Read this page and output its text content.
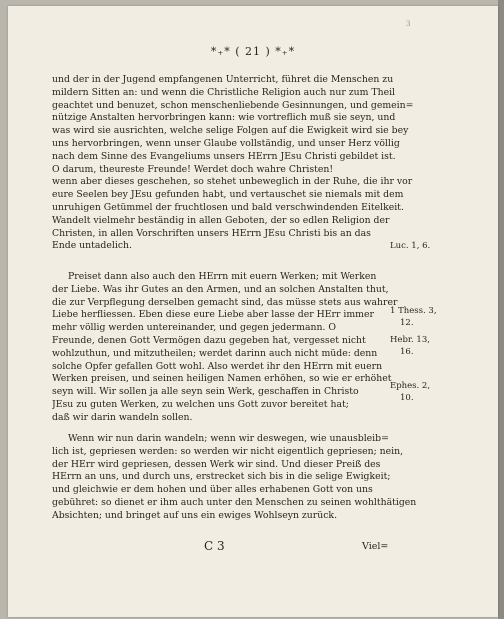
3
*₊* ( 21 ) *₊*
und der in der Jugend empfangenen Unterricht, führet die Menschen zu
mildern Sitten an: und wenn die Christliche Religion auch nur zum Theil
geachtet und benuzet, schon menschenliebende Gesinnungen, und gemein=
nützige Anstalten hervorbringen kann: wie vortreflich muß sie seyn, und
was wird sie ausrichten, welche selige Folgen auf die Ewigkeit wird sie bey
uns hervorbringen, wenn unser Glaube vollständig, und unser Herz völlig
nach dem Sinne des Evangeliums unsers HErrn JEsu Christi gebildet ist.
O darum, theureste Freunde! Werdet doch wahre Christen!
wenn aber dieses geschehen, so stehet unbeweglich in der Ruhe, die ihr vor
eure Seelen bey JEsu gefunden habt, und vertauschet sie niemals mit dem
unruhigen Getümmel der fruchtlosen und bald verschwindenden Eitelkeit.
Wandelt vielmehr beständig in allen Geboten, der so edlen Religion der
Christen, in allen Vorschriften unsers HErrn JEsu Christi bis an das
Ende untadelich.
Preiset dann also auch den HErrn mit euern Werken; mit Werken
der Liebe. Was ihr Gutes an den Armen, und an solchen Anstalten thut,
die zur Verpflegung derselben gemacht sind, das müsse stets aus wahrer
Liebe herfliessen. Eben diese eure Liebe aber lasse der HErr immer
mehr völlig werden untereinander, und gegen jedermann. O
Freunde, denen Gott Vermögen dazu gegeben hat, vergesset nicht
wohlzuthun, und mitzutheilen; werdet darinn auch nicht müde: denn
solche Opfer gefallen Gott wohl. Also werdet ihr den HErrn mit euern
Werken preisen, und seinen heiligen Namen erhöhen, so wie er erhöhet
seyn will. Wir sollen ja alle seyn sein Werk, geschaffen in Christo
JEsu zu guten Werken, zu welchen uns Gott zuvor bereitet hat;
daß wir darin wandeln sollen.
Wenn wir nun darin wandeln; wenn wir deswegen, wie unausbleib=
lich ist, gepriesen werden: so werden wir nicht eigentlich gepriesen; nein,
der HErr wird gepriesen, dessen Werk wir sind. Und dieser Preiß des
HErrn an uns, und durch uns, erstrecket sich bis in die selige Ewigkeit;
und gleichwie er dem hohen und über alles erhabenen Gott von uns
gebühret: so dienet er ihm auch unter den Menschen zu seinen wohlthätigen
Absichten; und bringet auf uns ein ewiges Wohlseyn zurück.
Luc. 1, 6.
1 Thess. 3,
12.
Hebr. 13,
16.
Ephes. 2,
10.
C 3	Viel=
